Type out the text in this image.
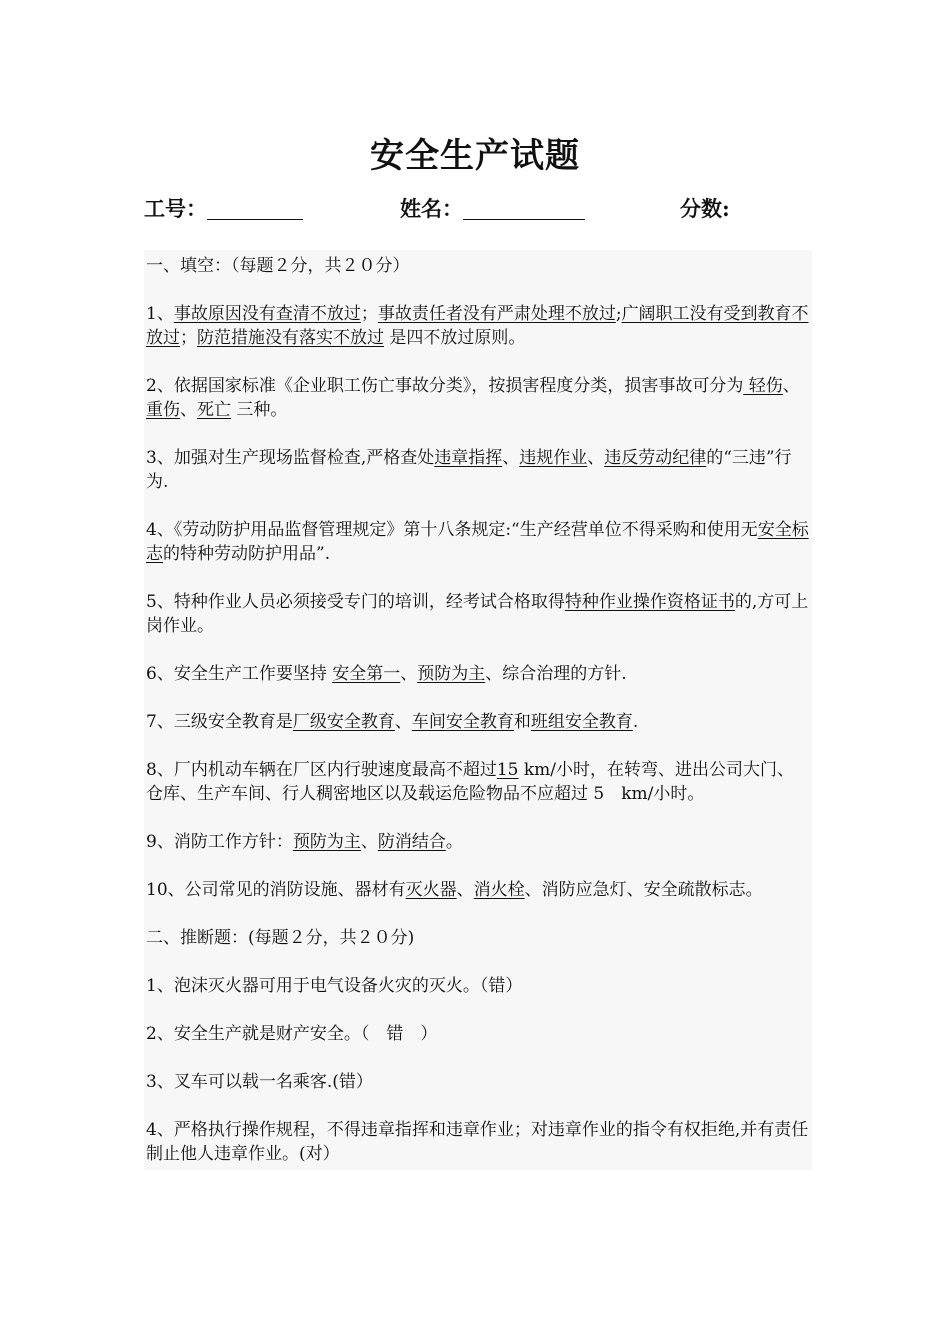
安全生产试题
工号：	姓名：	分数:

一、填空：（每题２分，共２０分）

1、事故原因没有查清不放过；事故责任者没有严肃处理不放过;广阔职工没有受到教育不放过；防范措施没有落实不放过 是四不放过原则。

2、依据国家标准《企业职工伤亡事故分类》，按损害程度分类，损害事故可分为 轻伤、重伤、死亡 三种。

3、加强对生产现场监督检查,严格查处违章指挥、违规作业、违反劳动纪律的“三违”行为.

4、《劳动防护用品监督管理规定》第十八条规定:“生产经营单位不得采购和使用无安全标志的特种劳动防护用品”.

5、特种作业人员必须接受专门的培训，经考试合格取得特种作业操作资格证书的,方可上岗作业。

6、安全生产工作要坚持 安全第一、预防为主、综合治理的方针.

7、三级安全教育是厂级安全教育、车间安全教育和班组安全教育.

8、厂内机动车辆在厂区内行驶速度最高不超过15 km/小时，在转弯、进出公司大门、仓库、生产车间、行人稠密地区以及载运危险物品不应超过 5　km/小时。

9、消防工作方针：预防为主、防消结合。

10、公司常见的消防设施、器材有灭火器、消火栓、消防应急灯、安全疏散标志。

二、推断题：(每题２分，共２０分)

1、泡沫灭火器可用于电气设备火灾的灭火。（错）

2、安全生产就是财产安全。（　错　）

3、叉车可以载一名乘客.(错）

4、严格执行操作规程，不得违章指挥和违章作业；对违章作业的指令有权拒绝,并有责任制止他人违章作业。(对）
